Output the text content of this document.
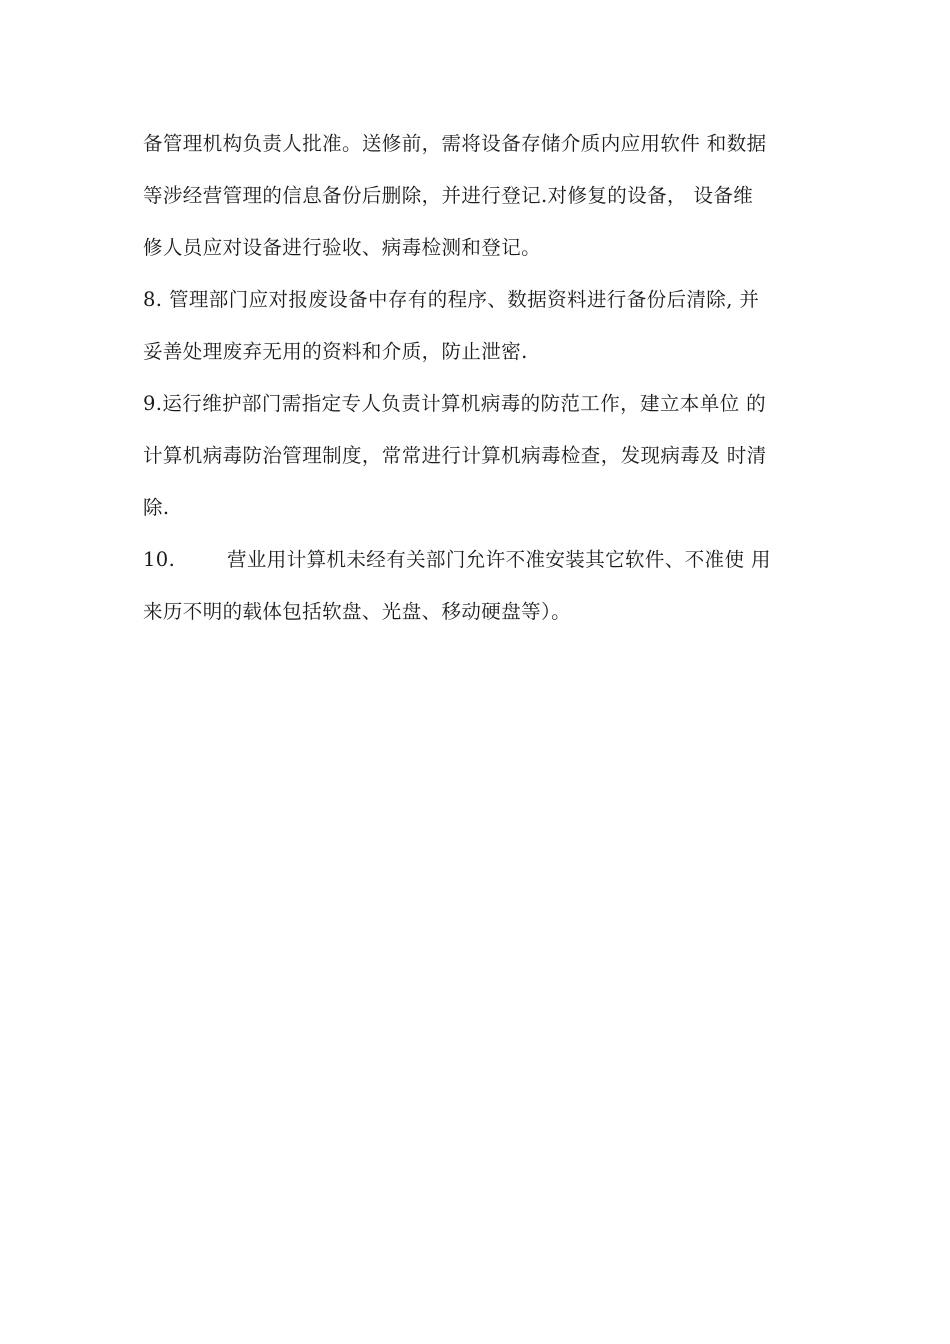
备管理机构负责人批准。送修前，需将设备存储介质内应用软件 和数据
等涉经营管理的信息备份后删除，并进行登记.对修复的设备， 设备维
修人员应对设备进行验收、病毒检测和登记。
8. 管理部门应对报废设备中存有的程序、数据资料进行备份后清除, 并
妥善处理废弃无用的资料和介质，防止泄密.
9.运行维护部门需指定专人负责计算机病毒的防范工作，建立本单位 的
计算机病毒防治管理制度，常常进行计算机病毒检查，发现病毒及 时清
除.
10.	营业用计算机未经有关部门允许不准安装其它软件、不准使 用
来历不明的载体包括软盘、光盘、移动硬盘等）。
